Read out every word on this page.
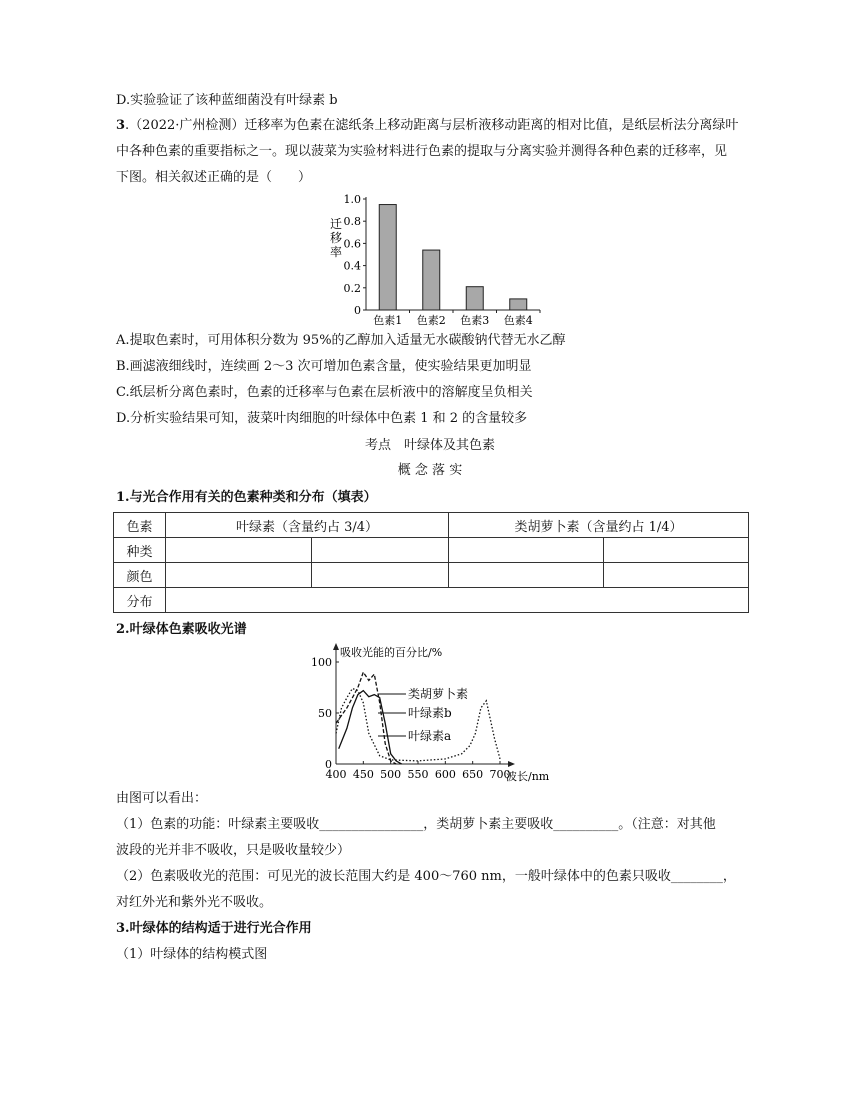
D.实验验证了该种蓝细菌没有叶绿素 b
3.（2022·广州检测）迁移率为色素在滤纸条上移动距离与层析液移动距离的相对比值，是纸层析法分离绿叶
中各种色素的重要指标之一。现以菠菜为实验材料进行色素的提取与分离实验并测得各种色素的迁移率，见
下图。相关叙述正确的是（　　）
0
0.2
0.4
0.6
0.8
1.0
迁
移
率
色素1 色素2 色素3 色素4
A.提取色素时，可用体积分数为 95%的乙醇加入适量无水碳酸钠代替无水乙醇
B.画滤液细线时，连续画 2～3 次可增加色素含量，使实验结果更加明显
C.纸层析分离色素时，色素的迁移率与色素在层析液中的溶解度呈负相关
D.分析实验结果可知，菠菜叶肉细胞的叶绿体中色素 1 和 2 的含量较多
考点　叶绿体及其色素
概 念 落 实
1.与光合作用有关的色素种类和分布（填表）
色素	叶绿素（含量约占 3/4）		类胡萝卜素（含量约占 1/4）	
种类				
颜色				
分布				
2.叶绿体色素吸收光谱
吸收光能的百分比/%
波长/nm
0
50
100
400 450 500 550 600 650 700
类胡萝卜素
叶绿素b
叶绿素a
由图可以看出：
（1）色素的功能：叶绿素主要吸收________________，类胡萝卜素主要吸收__________。（注意：对其他
波段的光并非不吸收，只是吸收量较少）
（2）色素吸收光的范围：可见光的波长范围大约是 400～760 nm，一般叶绿体中的色素只吸收________，
对红外光和紫外光不吸收。
3.叶绿体的结构适于进行光合作用
（1）叶绿体的结构模式图
